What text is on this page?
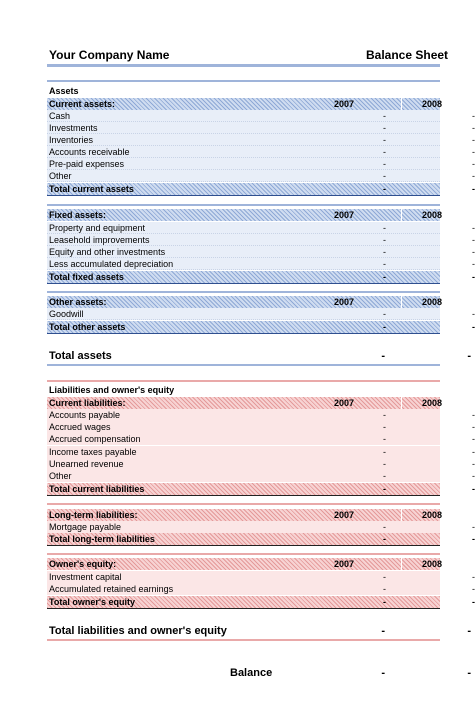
Your Company Name	Balance Sheet
Assets
Current assets:	2007	2008
Cash	-	-
Investments	-	-
Inventories	-	-
Accounts receivable	-	-
Pre-paid expenses	-	-
Other	-	-
Total current assets	-	-
Fixed assets:	2007	2008
Property and equipment	-	-
Leasehold improvements	-	-
Equity and other investments	-	-
Less accumulated depreciation	-	-
Total fixed assets	-	-
Other assets:	2007	2008
Goodwill	-	-
Total other assets	-	-
Total assets	-	-
Liabilities and owner's equity
Current liabilities:	2007	2008
Accounts payable	-	-
Accrued wages	-	-
Accrued compensation	-	-
Income taxes payable	-	-
Unearned revenue	-	-
Other	-	-
Total current liabilities	-	-
Long-term liabilities:	2007	2008
Mortgage payable	-	-
Total long-term liabilities	-	-
Owner's equity:	2007	2008
Investment capital	-	-
Accumulated retained earnings	-	-
Total owner's equity	-	-
Total liabilities and owner's equity	-	-
Balance	-	-
